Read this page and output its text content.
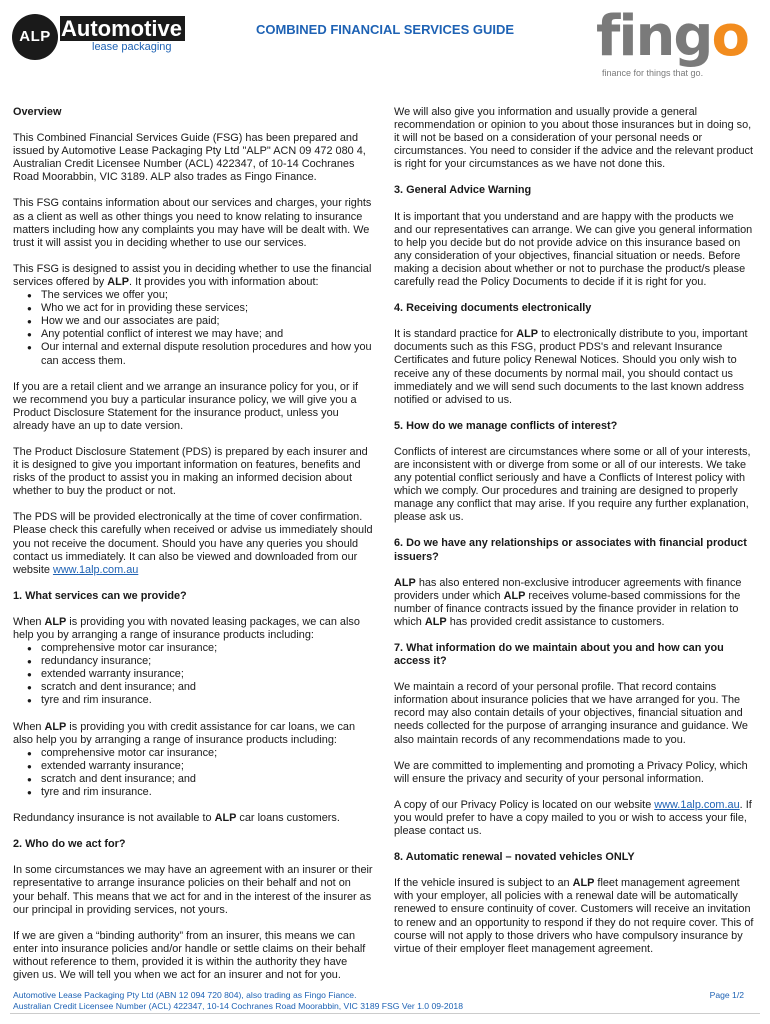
ALP Automotive
lease packaging
COMBINED FINANCIAL SERVICES GUIDE	fingo
finance for things that go.
Overview

This Combined Financial Services Guide (FSG) has been prepared and issued by Automotive Lease Packaging Pty Ltd "ALP" ACN 09 472 080 4, Australian Credit Licensee Number (ACL) 422347, of 10-14 Cochranes Road Moorabbin, VIC 3189. ALP also trades as Fingo Finance.

This FSG contains information about our services and charges, your rights as a client as well as other things you need to know relating to insurance matters including how any complaints you may have will be dealt with. We trust it will assist you in deciding whether to use our services.

This FSG is designed to assist you in deciding whether to use the financial services offered by ALP. It provides you with information about:

● The services we offer you;
● Who we act for in providing these services;
● How we and our associates are paid;
● Any potential conflict of interest we may have; and
● Our internal and external dispute resolution procedures and how you can access them.

If you are a retail client and we arrange an insurance policy for you, or if we recommend you buy a particular insurance policy, we will give you a Product Disclosure Statement for the insurance product, unless you already have an up to date version.

The Product Disclosure Statement (PDS) is prepared by each insurer and it is designed to give you important information on features, benefits and risks of the product to assist you in making an informed decision about whether to buy the product or not.

The PDS will be provided electronically at the time of cover confirmation. Please check this carefully when received or advise us immediately should you not receive the document. Should you have any queries you should contact us immediately. It can also be viewed and downloaded from our website www.1alp.com.au

1. What services can we provide?

When ALP is providing you with novated leasing packages, we can also help you by arranging a range of insurance products including:

● comprehensive motor car insurance;
● redundancy insurance;
● extended warranty insurance;
● scratch and dent insurance; and
● tyre and rim insurance.

When ALP is providing you with credit assistance for car loans, we can also help you by arranging a range of insurance products including:

● comprehensive motor car insurance;
● extended warranty insurance;
● scratch and dent insurance; and
● tyre and rim insurance.

Redundancy insurance is not available to ALP car loans customers.

2. Who do we act for?

In some circumstances we may have an agreement with an insurer or their representative to arrange insurance policies on their behalf and not on your behalf. This means that we act for and in the interest of the insurer as our principal in providing services, not yours.

If we are given a “binding authority” from an insurer, this means we can enter into insurance policies and/or handle or settle claims on their behalf without reference to them, provided it is within the authority they have given us. We will tell you when we act for an insurer and not for you.

We will also give you information and usually provide a general recommendation or opinion to you about those insurances but in doing so, it will not be based on a consideration of your personal needs or circumstances. You need to consider if the advice and the relevant product is right for your circumstances as we have not done this.

3. General Advice Warning

It is important that you understand and are happy with the products we and our representatives can arrange. We can give you general information to help you decide but do not provide advice on this insurance based on any consideration of your objectives, financial situation or needs. Before making a decision about whether or not to purchase the product/s please carefully read the Policy Documents to decide if it is right for you.

4. Receiving documents electronically

It is standard practice for ALP to electronically distribute to you, important documents such as this FSG, product PDS's and relevant Insurance Certificates and future policy Renewal Notices. Should you only wish to receive any of these documents by normal mail, you should contact us immediately and we will send such documents to the last known address notified or advised to us.

5. How do we manage conflicts of interest?

Conflicts of interest are circumstances where some or all of your interests, are inconsistent with or diverge from some or all of our interests. We take any potential conflict seriously and have a Conflicts of Interest policy with which we comply. Our procedures and training are designed to properly manage any conflict that may arise. If you require any further explanation, please ask us.

6. Do we have any relationships or associates with financial product issuers?

ALP has also entered non-exclusive introducer agreements with finance providers under which ALP receives volume-based commissions for the number of finance contracts issued by the finance provider in relation to which ALP has provided credit assistance to customers.

7. What information do we maintain about you and how can you access it?

We maintain a record of your personal profile. That record contains information about insurance policies that we have arranged for you. The record may also contain details of your objectives, financial situation and needs collected for the purpose of arranging insurance and guidance. We also maintain records of any recommendations made to you.

We are committed to implementing and promoting a Privacy Policy, which will ensure the privacy and security of your personal information.

A copy of our Privacy Policy is located on our website www.1alp.com.au. If you would prefer to have a copy mailed to you or wish to access your file, please contact us.

8. Automatic renewal – novated vehicles ONLY

If the vehicle insured is subject to an ALP fleet management agreement with your employer, all policies with a renewal date will be automatically renewed to ensure continuity of cover. Customers will receive an invitation to renew and an opportunity to respond if they do not require cover. This of course will not apply to those drivers who have compulsory insurance by virtue of their employer fleet management agreement.

Automotive Lease Packaging Pty Ltd (ABN 12 094 720 804), also trading as Fingo Fiance.
Australian Credit Licensee Number (ACL) 422347, 10-14 Cochranes Road Moorabbin, VIC 3189 FSG Ver 1.0 09-2018
Page 1/2
